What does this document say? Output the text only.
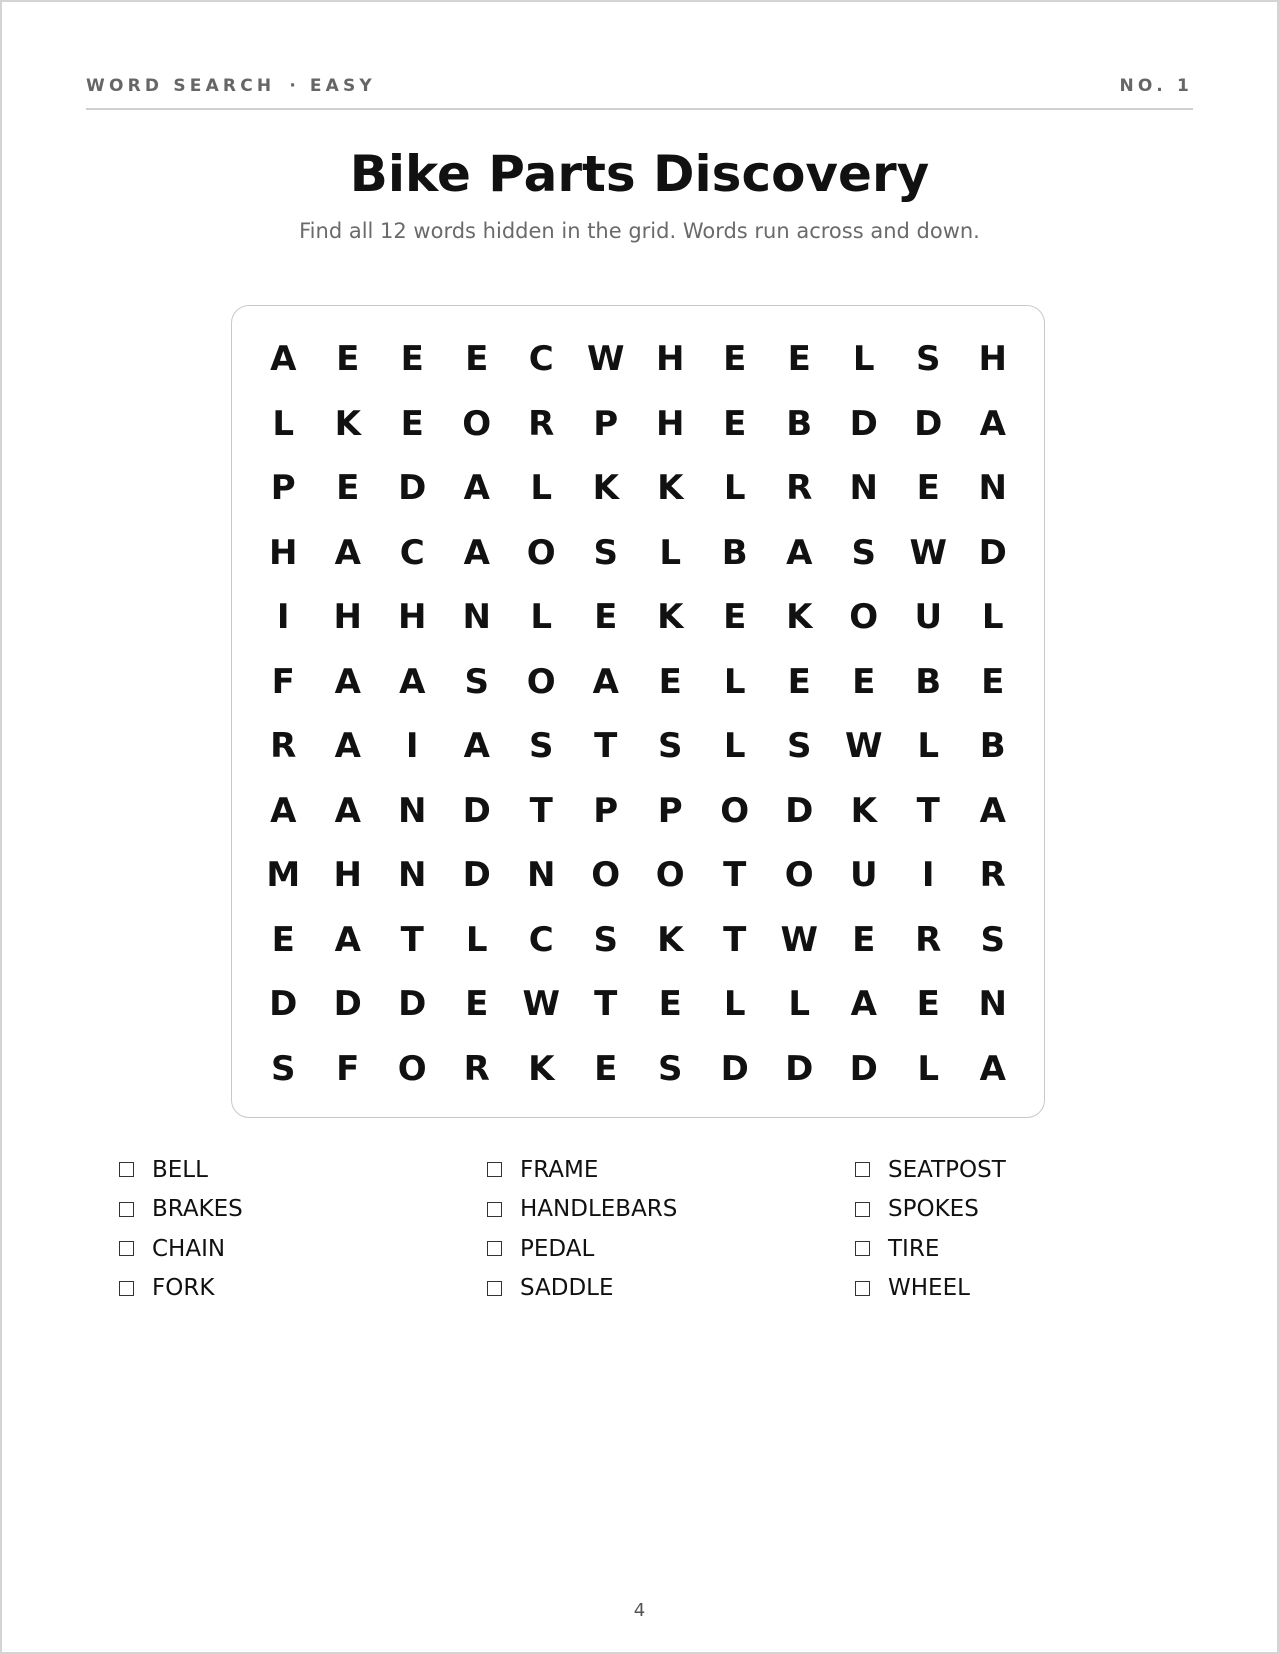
WORD SEARCH · EASY	NO. 1
Bike Parts Discovery
Find all 12 words hidden in the grid. Words run across and down.
A	E	E	E	C W H	E	E	L	S	H
L	K	E	O	R	P	H	E	B	D	D	A
P	E	D	A	L	K	K	L	R	N	E	N
H	A	C	A	O	S	L	B	A	S W D
I	H	H	N	L	E	K	E	K	O	U	L
F	A	A	S	O	A	E	L	E	E	B	E
R	A	I	A	S	T	S	L	S W	L	B
A	A	N	D	T	P	P	O	D	K	T	A
M H	N	D	N	O	O	T	O	U	I	R
E	A	T	L	C	S	K	T	W	E	R	S
D	D	D	E	W	T	E	L	L	A	E	N
S	F	O	R	K	E	S	D	D	D	L	A
BELL	FRAME	SEATPOST
BRAKES	HANDLEBARS	SPOKES
CHAIN	PEDAL	TIRE
FORK	SADDLE	WHEEL
4
